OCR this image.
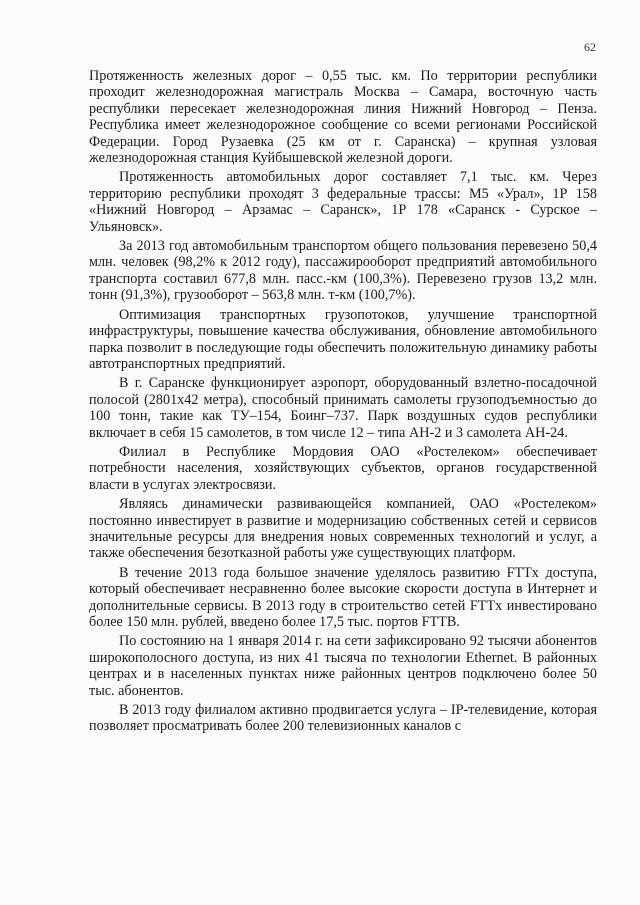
62

Протяженность железных дорог – 0,55 тыс. км. По территории республики проходит железнодорожная магистраль Москва – Самара, восточную часть республики пересекает железнодорожная линия Нижний Новгород – Пенза. Республика имеет железнодорожное сообщение со всеми регионами Российской Федерации. Город Рузаевка (25 км от г. Саранска) – крупная узловая железнодорожная станция Куйбышевской железной дороги.

Протяженность автомобильных дорог составляет 7,1 тыс. км. Через территорию республики проходят 3 федеральные трассы: М5 «Урал», 1Р 158 «Нижний Новгород – Арзамас – Саранск», 1Р 178 «Саранск - Сурское – Ульяновск».

За 2013 год автомобильным транспортом общего пользования перевезено 50,4 млн. человек (98,2% к 2012 году), пассажирооборот предприятий автомобильного транспорта составил 677,8 млн. пасс.-км (100,3%). Перевезено грузов 13,2 млн. тонн (91,3%), грузооборот – 563,8 млн. т-км (100,7%).

Оптимизация транспортных грузопотоков, улучшение транспортной инфраструктуры, повышение качества обслуживания, обновление автомобильного парка позволит в последующие годы обеспечить положительную динамику работы автотранспортных предприятий.

В г. Саранске функционирует аэропорт, оборудованный взлетно-посадочной полосой (2801х42 метра), способный принимать самолеты грузоподъемностью до 100 тонн, такие как ТУ–154, Боинг–737. Парк воздушных судов республики включает в себя 15 самолетов, в том числе 12 – типа АН-2 и 3 самолета АН-24.

Филиал в Республике Мордовия ОАО «Ростелеком» обеспечивает потребности населения, хозяйствующих субъектов, органов государственной власти в услугах электросвязи.

Являясь динамически развивающейся компанией, ОАО «Ростелеком» постоянно инвестирует в развитие и модернизацию собственных сетей и сервисов значительные ресурсы для внедрения новых современных технологий и услуг, а также обеспечения безотказной работы уже существующих платформ.

В течение 2013 года большое значение уделялось развитию FTTx доступа, который обеспечивает несравненно более высокие скорости доступа в Интернет и дополнительные сервисы. В 2013 году в строительство сетей FTTx инвестировано более 150 млн. рублей, введено более 17,5 тыс. портов FTTB.

По состоянию на 1 января 2014 г. на сети зафиксировано 92 тысячи абонентов широкополосного доступа, из них 41 тысяча по технологии Ethernet. В районных центрах и в населенных пунктах ниже районных центров подключено более 50 тыс. абонентов.

В 2013 году филиалом активно продвигается услуга – IP-телевидение, которая позволяет просматривать более 200 телевизионных каналов с
